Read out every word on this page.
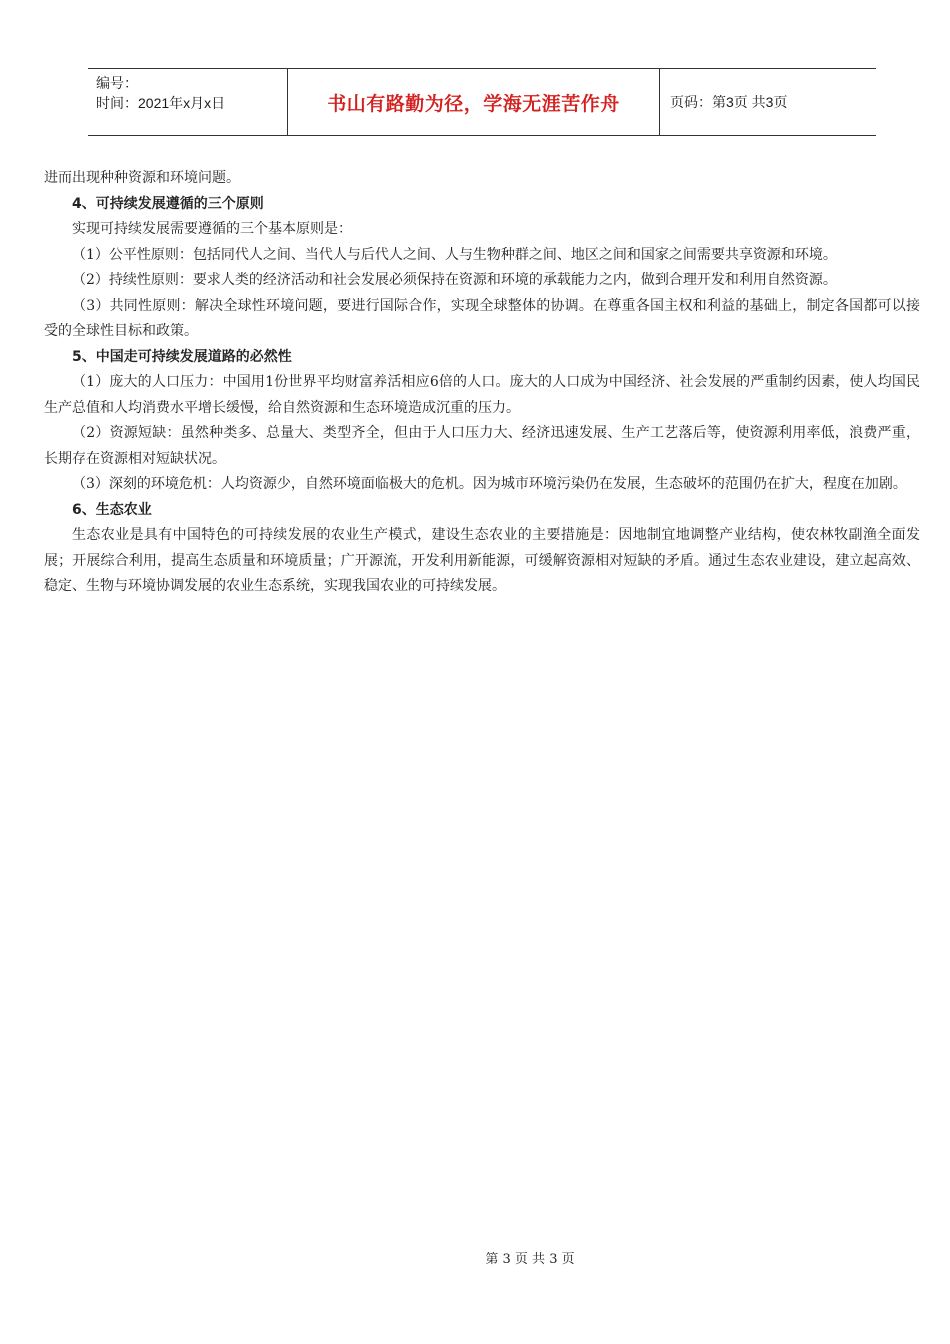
编号：
时间：2021年x月x日	书山有路勤为径，学海无涯苦作舟	页码：第3页 共3页

进而出现种种资源和环境问题。

4、可持续发展遵循的三个原则

实现可持续发展需要遵循的三个基本原则是：

（1）公平性原则：包括同代人之间、当代人与后代人之间、人与生物种群之间、地区之间和国家之间需要共享资源和环境。

（2）持续性原则：要求人类的经济活动和社会发展必须保持在资源和环境的承载能力之内，做到合理开发和利用自然资源。

（3）共同性原则：解决全球性环境问题，要进行国际合作，实现全球整体的协调。在尊重各国主权和利益的基础上，制定各国都可以接受的全球性目标和政策。

5、中国走可持续发展道路的必然性

（1）庞大的人口压力：中国用1份世界平均财富养活相应6倍的人口。庞大的人口成为中国经济、社会发展的严重制约因素，使人均国民生产总值和人均消费水平增长缓慢，给自然资源和生态环境造成沉重的压力。

（2）资源短缺：虽然种类多、总量大、类型齐全，但由于人口压力大、经济迅速发展、生产工艺落后等，使资源利用率低，浪费严重，长期存在资源相对短缺状况。

（3）深刻的环境危机：人均资源少，自然环境面临极大的危机。因为城市环境污染仍在发展，生态破坏的范围仍在扩大，程度在加剧。

6、生态农业

生态农业是具有中国特色的可持续发展的农业生产模式，建设生态农业的主要措施是：因地制宜地调整产业结构，使农林牧副渔全面发展；开展综合利用，提高生态质量和环境质量；广开源流，开发利用新能源，可缓解资源相对短缺的矛盾。通过生态农业建设，建立起高效、稳定、生物与环境协调发展的农业生态系统，实现我国农业的可持续发展。

第 3 页 共 3 页
